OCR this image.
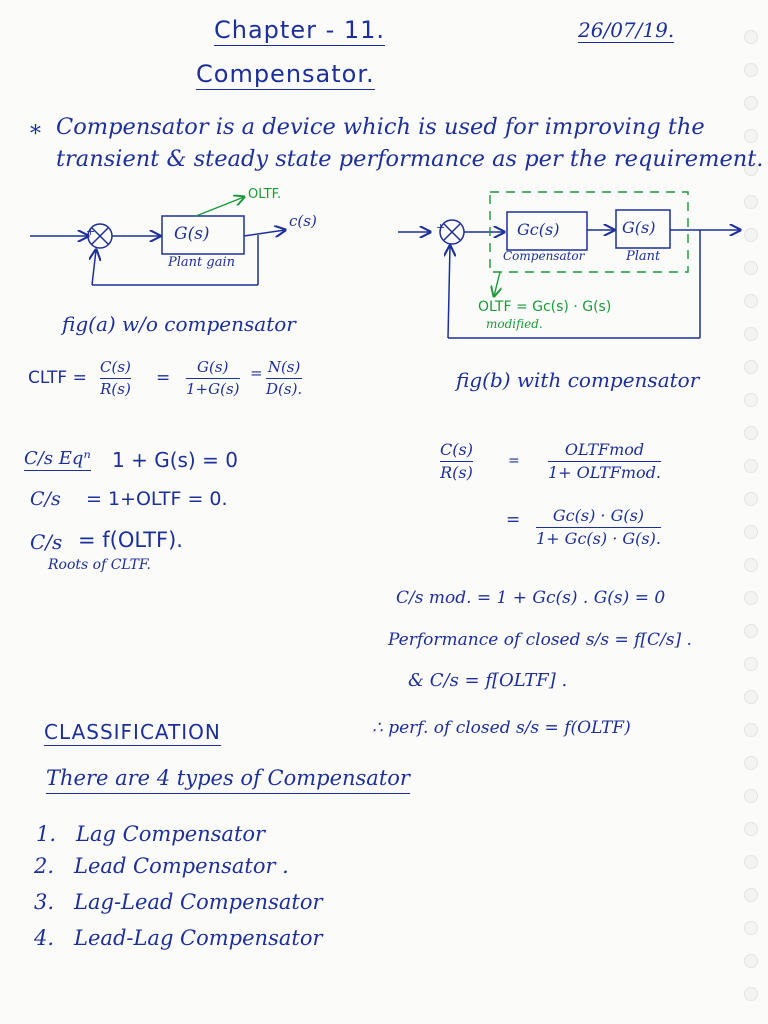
Chapter - 11.	26/07/19.
Compensator.
* Compensator is a device which is used for improving the
transient & steady state performance as per the requirement.
OLTF.
G(s)
Plant gain
c(s)
+
fig(a) w/o compensator
Gc(s)
Compensator
G(s)
Plant
+
OLTF = Gc(s) · G(s)
modified.
fig(b) with compensator
CLTF =
C(s)
R(s)
=
G(s)
1+G(s)
= N(s)
D(s).
C/s Eqⁿ 1 + G(s) = 0
C/s = 1+OLTF = 0.
C/s = f(OLTF).
Roots of CLTF.
C(s)
R(s)
=
OLTFmod
1+ OLTFmod.
= Gc(s) · G(s)
1+ Gc(s) · G(s).
C/s mod. = 1 + Gc(s) . G(s) = 0
Performance of closed s/s = f[C/s] .
& C/s = f[OLTF] .
∴ perf. of closed s/s = f(OLTF)
CLASSIFICATION
There are 4 types of Compensator
1. Lag Compensator
2. Lead Compensator .
3. Lag-Lead Compensator
4. Lead-Lag Compensator
